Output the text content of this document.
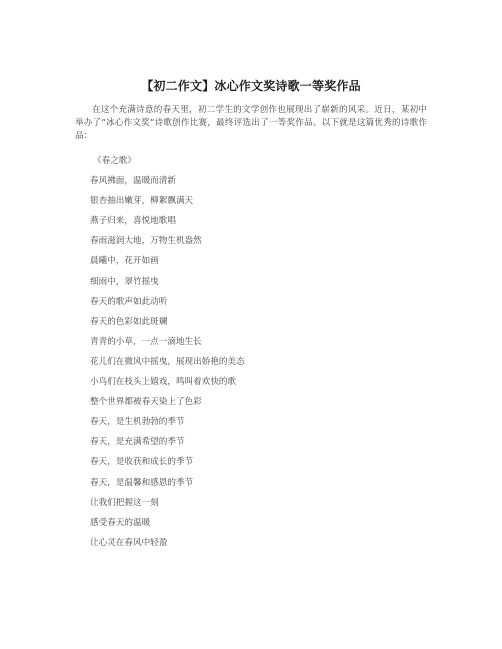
【初二作文】冰心作文奖诗歌一等奖作品

在这个充满诗意的春天里，初二学生的文学创作也展现出了崭新的风采。近日，某初中举办了“冰心作文奖”诗歌创作比赛，最终评选出了一等奖作品。以下就是这篇优秀的诗歌作品：

《春之歌》
春风拂面，温暖而清新
银杏抽出嫩芽，柳絮飘满天
燕子归来，喜悦地歌唱
春雨滋润大地，万物生机盎然
晨曦中，花开如画
细雨中，翠竹摇曳
春天的歌声如此动听
春天的色彩如此斑斓
青青的小草，一点一滴地生长
花儿们在微风中摇曳，展现出娇艳的美态
小鸟们在枝头上嬉戏，鸣叫着欢快的歌
整个世界都被春天染上了色彩
春天，是生机勃勃的季节
春天，是充满希望的季节
春天，是收获和成长的季节
春天，是温馨和感恩的季节
让我们把握这一刻
感受春天的温暖
让心灵在春风中轻盈
